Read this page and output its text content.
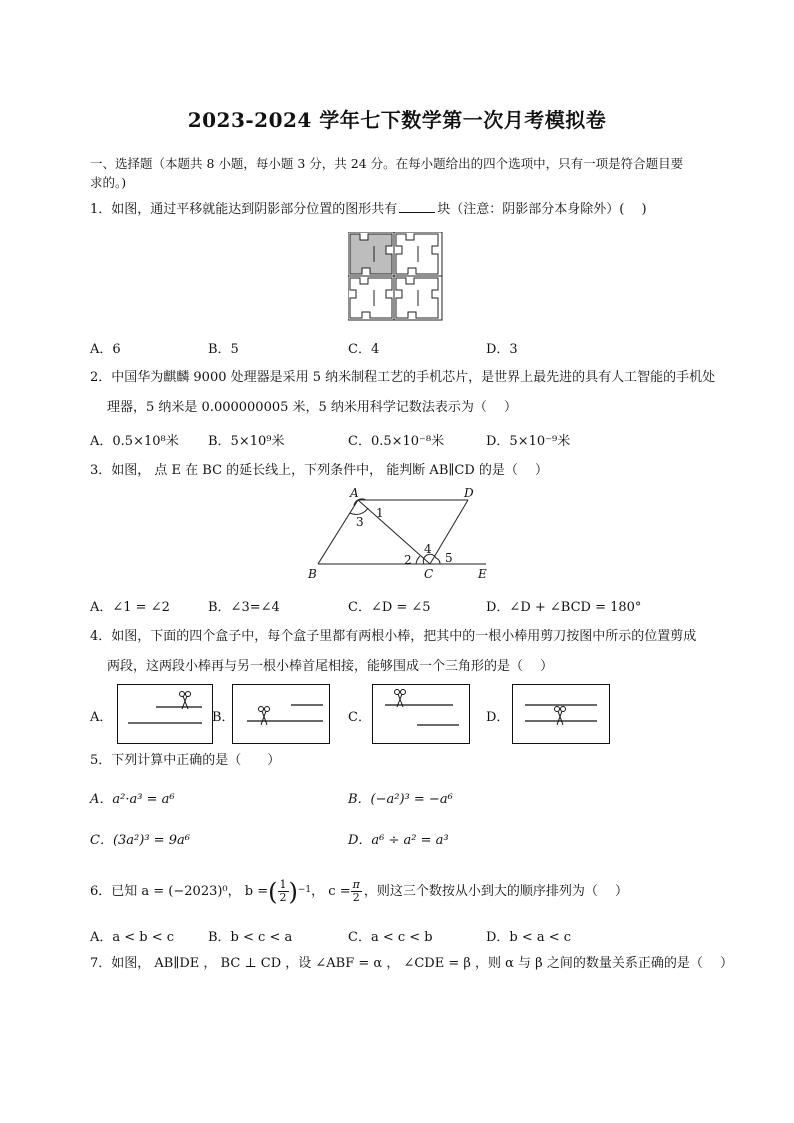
2023-2024 学年七下数学第一次月考模拟卷
一、选择题（本题共 8 小题，每小题 3 分，共 24 分。在每小题给出的四个选项中，只有一项是符合题目要
求的。)
1．如图，通过平移就能达到阴影部分位置的图形共有	块（注意：阴影部分本身除外）(　 )
A．6	B．5	C．4	D．3
2．中国华为麒麟 9000 处理器是采用 5 纳米制程工艺的手机芯片，是世界上最先进的具有人工智能的手机处
理器，5 纳米是 0.000000005 米，5 纳米用科学记数法表示为（　 ）
A．0.5×10⁸米 B．5×10⁹米	C．0.5×10⁻⁸米	D．5×10⁻⁹米
3．如图， 点 E 在 BC 的延长线上，下列条件中， 能判断 AB∥CD 的是（　 ）
A	D
B	C	E
1
2
3
4
5
A．∠1 = ∠2	B．∠3=∠4	C．∠D = ∠5	D．∠D + ∠BCD = 180°
4．如图，下面的四个盒子中，每个盒子里都有两根小棒，把其中的一根小棒用剪刀按图中所示的位置剪成
两段，这两段小棒再与另一根小棒首尾相接，能够围成一个三角形的是（　 ）
A．	B．	C．	D．
5．下列计算中正确的是（　　）
A．a²·a³ = a⁶	B．(−a²)³ = −a⁶
C．(3a²)³ = 9a⁶	D．a⁶ ÷ a² = a³
6．已知 a = (−2023)⁰， b = ( $\frac{1}{2}$ ) −1 ， $c = \frac{\pi}{2}$ ，则这三个数按从小到大的顺序排列为（　 ）
A．a < b < c	B．b < c < a	C．a < c < b	D．b < a < c
7．如图， AB∥DE ， BC ⊥ CD ，设 ∠ABF = α ， ∠CDE = β ，则 α 与 β 之间的数量关系正确的是（　 ）
